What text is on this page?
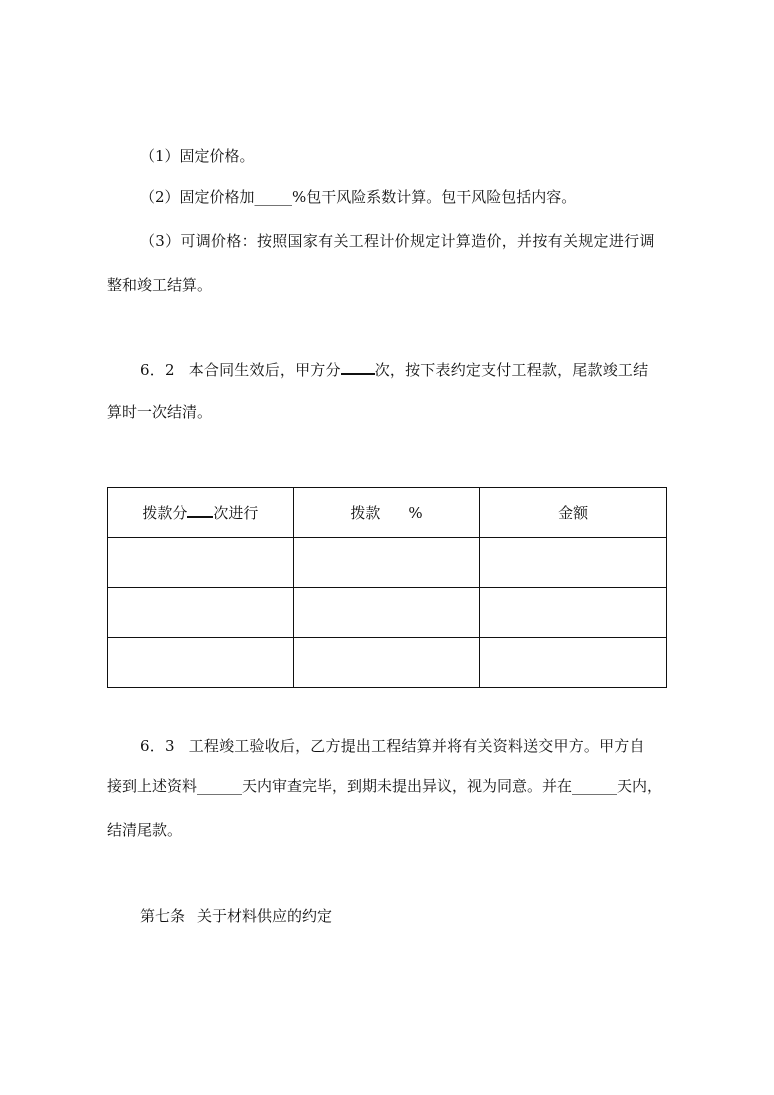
（1）固定价格。
（2）固定价格加_____%包干风险系数计算。包干风险包括内容。
（3）可调价格：按照国家有关工程计价规定计算造价，并按有关规定进行调
整和竣工结算。
6．2 本合同生效后，甲方分 次，按下表约定支付工程款，尾款竣工结
算时一次结清。
拨款分 次进行	拨款 %	金额

6．3 工程竣工验收后，乙方提出工程结算并将有关资料送交甲方。甲方自
接到上述资料______天内审查完毕，到期未提出异议，视为同意。并在______天内，
结清尾款。
第七条 关于材料供应的约定
